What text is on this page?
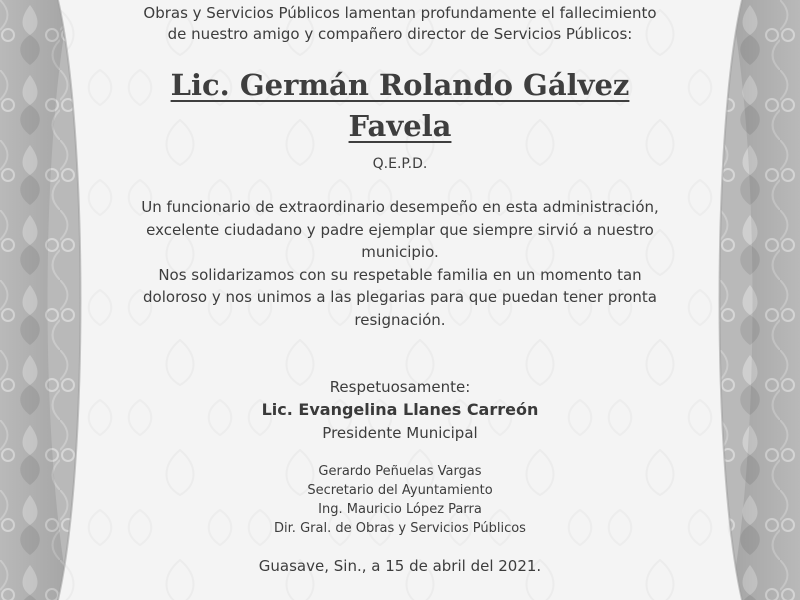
Obras y Servicios Públicos lamentan profundamente el fallecimiento
de nuestro amigo y compañero director de Servicios Públicos:

Lic. Germán Rolando Gálvez
Favela

Q.E.P.D.

Un funcionario de extraordinario desempeño en esta administración,
excelente ciudadano y padre ejemplar que siempre sirvió a nuestro
municipio.
Nos solidarizamos con su respetable familia en un momento tan
doloroso y nos unimos a las plegarias para que puedan tener pronta
resignación.

Respetuosamente:

Lic. Evangelina Llanes Carreón

Presidente Municipal

Gerardo Peñuelas Vargas
Secretario del Ayuntamiento
Ing. Mauricio López Parra
Dir. Gral. de Obras y Servicios Públicos

Guasave, Sin., a 15 de abril del 2021.
